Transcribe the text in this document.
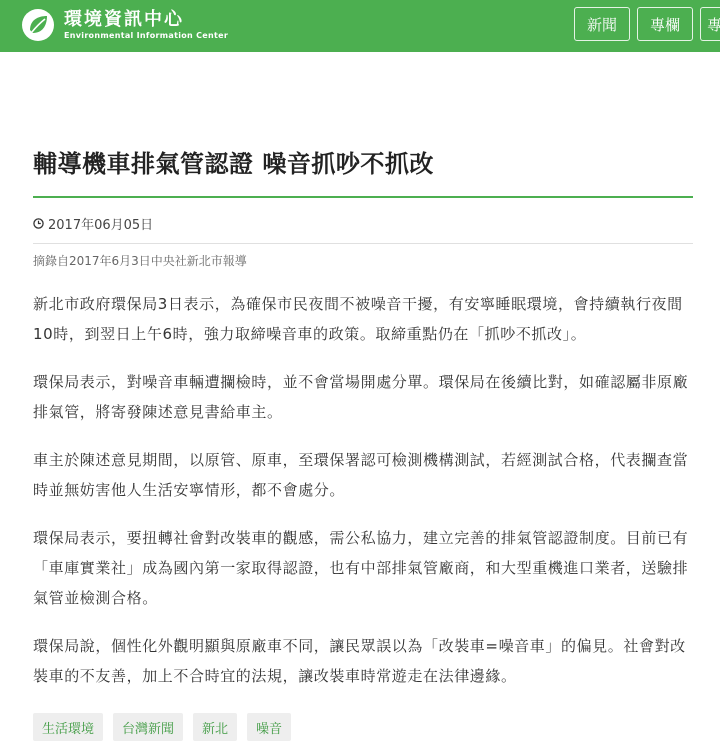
環境資訊中心
Environmental Information Center
新聞	專欄	專
輔導機車排氣管認證 噪音抓吵不抓改
2017年06月05日
摘錄自2017年6月3日中央社新北市報導

新北市政府環保局3日表示，為確保市民夜間不被噪音干擾，有安寧睡眠環境，會持續執行夜間10時，到翌日上午6時，強力取締噪音車的政策。取締重點仍在「抓吵不抓改」。

環保局表示，對噪音車輛遭攔檢時，並不會當場開處分單。環保局在後續比對，如確認屬非原廠排氣管，將寄發陳述意見書給車主。

車主於陳述意見期間，以原管、原車，至環保署認可檢測機構測試，若經測試合格，代表攔查當時並無妨害他人生活安寧情形，都不會處分。

環保局表示，要扭轉社會對改裝車的觀感，需公私協力，建立完善的排氣管認證制度。目前已有「車庫實業社」成為國內第一家取得認證，也有中部排氣管廠商，和大型重機進口業者，送驗排氣管並檢測合格。

環保局說，個性化外觀明顯與原廠車不同，讓民眾誤以為「改裝車=噪音車」的偏見。社會對改裝車的不友善，加上不合時宜的法規，讓改裝車時常遊走在法律邊緣。

生活環境	台灣新聞	新北	噪音
